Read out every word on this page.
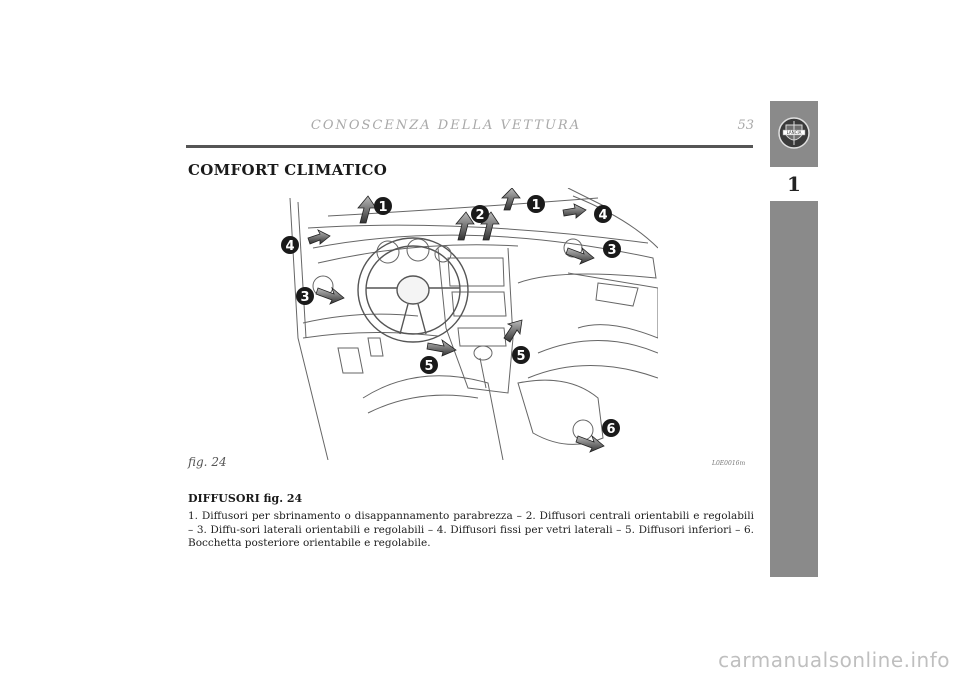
CONOSCENZA DELLA VETTURA	53
COMFORT CLIMATICO
LANCIA
1
1
2
1
4
4	3
3
5
5
6
fig. 24	L0E0016m
DIFFUSORI fig. 24
1. Diffusori per sbrinamento o disappannamento parabrezza – 2. Diffusori centrali orientabili e regolabili – 3. Diffu-sori laterali orientabili e regolabili – 4. Diffusori fissi per vetri laterali – 5. Diffusori inferiori – 6. Bocchetta posteriore orientabile e regolabile.
carmanualsonline.info
